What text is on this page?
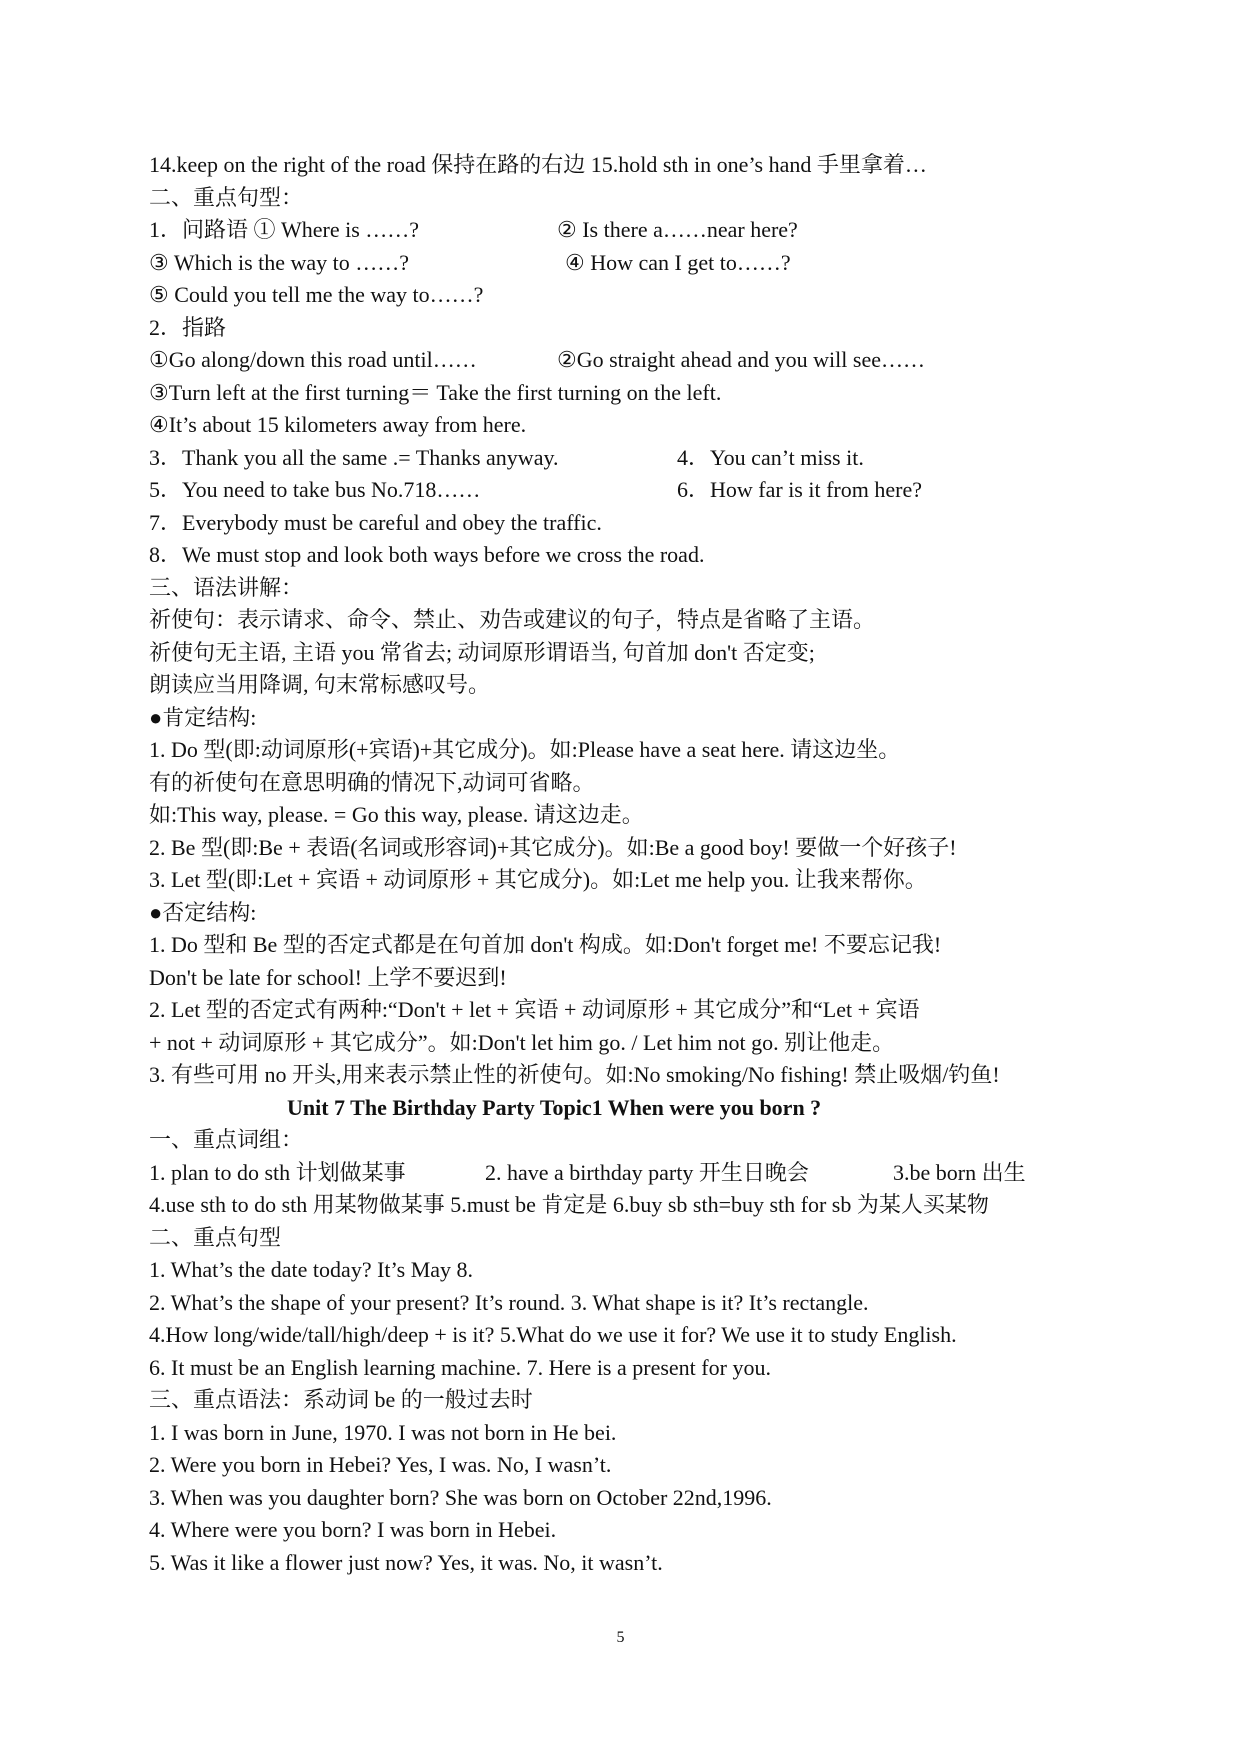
14.keep on the right of the road 保持在路的右边 15.hold sth in one’s hand 手里拿着…
二、重点句型：
1．问路语 ① Where is ……?	② Is there a……near here?
③ Which is the way to ……?	④ How can I get to……?
⑤ Could you tell me the way to……?
2．指路
①Go along/down this road until……	②Go straight ahead and you will see……
③Turn left at the first turning＝ Take the first turning on the left.
④It’s about 15 kilometers away from here.
3．Thank you all the same .= Thanks anyway.	4．You can’t miss it.
5．You need to take bus No.718……	6．How far is it from here?
7．Everybody must be careful and obey the traffic.
8．We must stop and look both ways before we cross the road.
三、语法讲解：
祈使句：表示请求、命令、禁止、劝告或建议的句子，特点是省略了主语。
祈使句无主语, 主语 you 常省去; 动词原形谓语当, 句首加 don't 否定变;
朗读应当用降调, 句末常标感叹号。
●肯定结构:
1. Do 型(即:动词原形(+宾语)+其它成分)。如:Please have a seat here. 请这边坐。
有的祈使句在意思明确的情况下,动词可省略。
如:This way, please. = Go this way, please. 请这边走。
2. Be 型(即:Be + 表语(名词或形容词)+其它成分)。如:Be a good boy! 要做一个好孩子!
3. Let 型(即:Let + 宾语 + 动词原形 + 其它成分)。如:Let me help you. 让我来帮你。
●否定结构:
1. Do 型和 Be 型的否定式都是在句首加 don't 构成。如:Don't forget me! 不要忘记我!
Don't be late for school! 上学不要迟到!
2. Let 型的否定式有两种:“Don't + let + 宾语 + 动词原形 + 其它成分”和“Let + 宾语
+ not + 动词原形 + 其它成分”。如:Don't let him go. / Let him not go. 别让他走。
3. 有些可用 no 开头,用来表示禁止性的祈使句。如:No smoking/No fishing! 禁止吸烟/钓鱼!
Unit 7 The Birthday Party Topic1 When were you born ?
一、重点词组：
1. plan to do sth 计划做某事	2. have a birthday party 开生日晚会	3.be born 出生
4.use sth to do sth 用某物做某事 5.must be 肯定是 6.buy sb sth=buy sth for sb 为某人买某物
二、重点句型
1. What’s the date today? It’s May 8.
2. What’s the shape of your present? It’s round. 3. What shape is it? It’s rectangle.
4.How long/wide/tall/high/deep + is it? 5.What do we use it for? We use it to study English.
6. It must be an English learning machine. 7. Here is a present for you.
三、重点语法：系动词 be 的一般过去时
1. I was born in June, 1970. I was not born in He bei.
2. Were you born in Hebei? Yes, I was. No, I wasn’t.
3. When was you daughter born? She was born on October 22nd,1996.
4. Where were you born? I was born in Hebei.
5. Was it like a flower just now? Yes, it was. No, it wasn’t.
5
